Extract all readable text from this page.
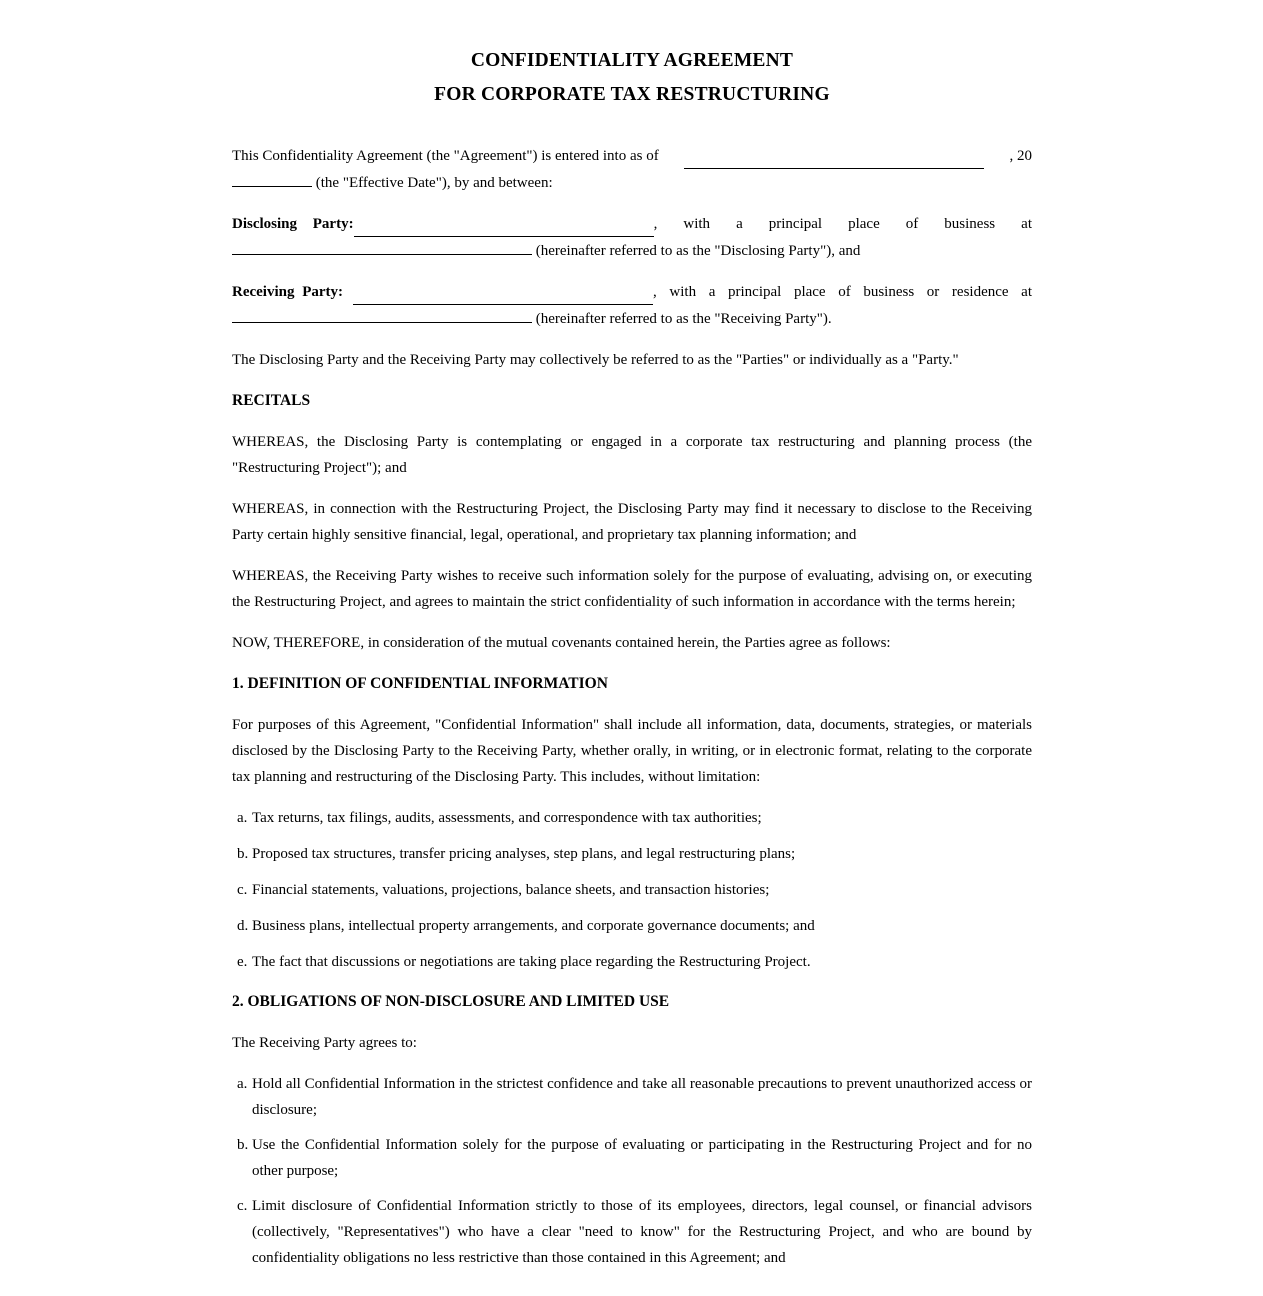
CONFIDENTIALITY AGREEMENT
FOR CORPORATE TAX RESTRUCTURING
This Confidentiality Agreement (the "Agreement") is entered into as of	, 20
(the "Effective Date"), by and between:
Disclosing Party:	, with a principal place of business at
(hereinafter referred to as the "Disclosing Party"), and
Receiving Party:	, with a principal place of business or residence at
(hereinafter referred to as the "Receiving Party").

The Disclosing Party and the Receiving Party may collectively be referred to as the "Parties" or individually as a "Party."

RECITALS

WHEREAS, the Disclosing Party is contemplating or engaged in a corporate tax restructuring and planning process (the "Restructuring Project"); and

WHEREAS, in connection with the Restructuring Project, the Disclosing Party may find it necessary to disclose to the Receiving Party certain highly sensitive financial, legal, operational, and proprietary tax planning information; and

WHEREAS, the Receiving Party wishes to receive such information solely for the purpose of evaluating, advising on, or executing the Restructuring Project, and agrees to maintain the strict confidentiality of such information in accordance with the terms herein;

NOW, THEREFORE, in consideration of the mutual covenants contained herein, the Parties agree as follows:

1. DEFINITION OF CONFIDENTIAL INFORMATION

For purposes of this Agreement, "Confidential Information" shall include all information, data, documents, strategies, or materials disclosed by the Disclosing Party to the Receiving Party, whether orally, in writing, or in electronic format, relating to the corporate tax planning and restructuring of the Disclosing Party. This includes, without limitation:

a. Tax returns, tax filings, audits, assessments, and correspondence with tax authorities;
b. Proposed tax structures, transfer pricing analyses, step plans, and legal restructuring plans;
c. Financial statements, valuations, projections, balance sheets, and transaction histories;
d. Business plans, intellectual property arrangements, and corporate governance documents; and
e. The fact that discussions or negotiations are taking place regarding the Restructuring Project.
2. OBLIGATIONS OF NON-DISCLOSURE AND LIMITED USE

The Receiving Party agrees to:

a. Hold all Confidential Information in the strictest confidence and take all reasonable precautions to prevent unauthorized access or disclosure;
b. Use the Confidential Information solely for the purpose of evaluating or participating in the Restructuring Project and for no other purpose;
c. Limit disclosure of Confidential Information strictly to those of its employees, directors, legal counsel, or financial advisors (collectively, "Representatives") who have a clear "need to know" for the Restructuring Project, and who are bound by confidentiality obligations no less restrictive than those contained in this Agreement; and
